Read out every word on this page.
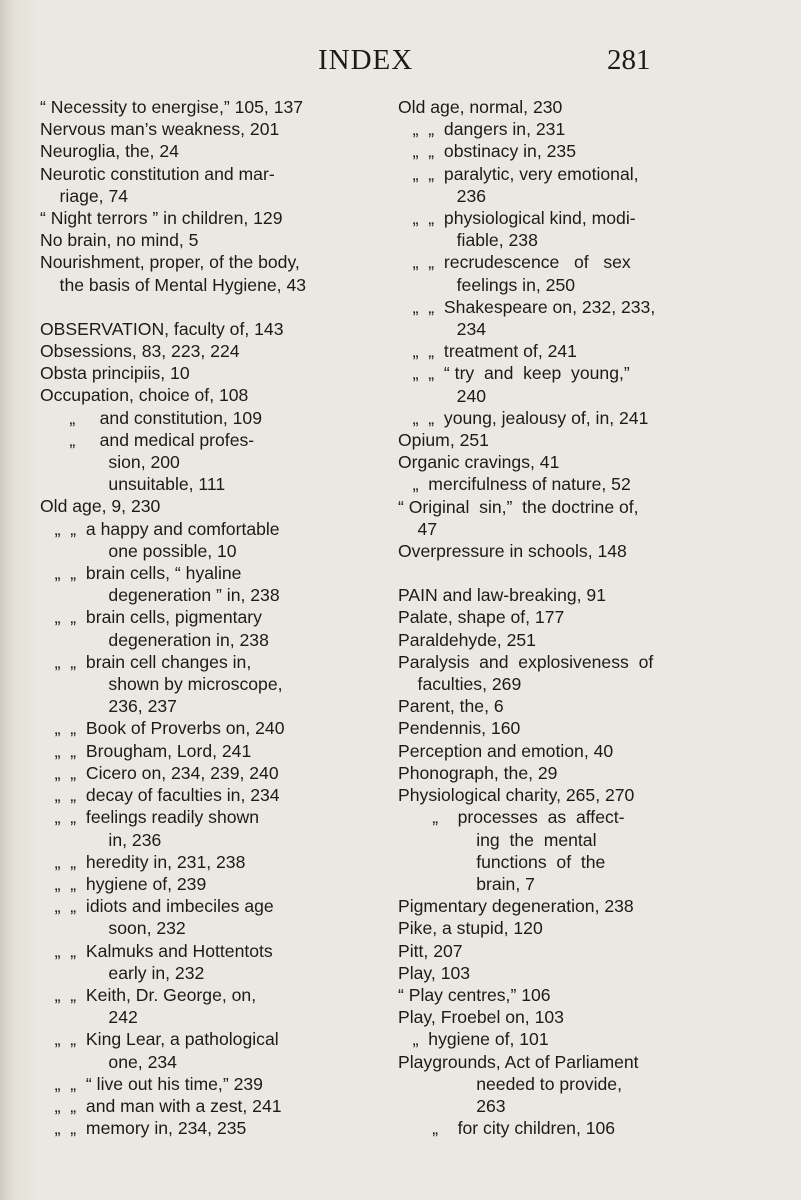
INDEX	281
“ Necessity to energise,” 105, 137
Nervous man’s weakness, 201
Neuroglia, the, 24
Neurotic constitution and mar-
riage, 74
“ Night terrors ” in children, 129
No brain, no mind, 5
Nourishment, proper, of the body,
the basis of Mental Hygiene, 43
OBSERVATION, faculty of, 143
Obsessions, 83, 223, 224
Obsta principiis, 10
Occupation, choice of, 108
„     and constitution, 109
„     and medical profes-
sion, 200
unsuitable, 111
Old age, 9, 230
„  „  a happy and comfortable
one possible, 10
„  „  brain cells, “ hyaline
degeneration ” in, 238
„  „  brain cells, pigmentary
degeneration in, 238
„  „  brain cell changes in,
shown by microscope,
236, 237
„  „  Book of Proverbs on, 240
„  „  Brougham, Lord, 241
„  „  Cicero on, 234, 239, 240
„  „  decay of faculties in, 234
„  „  feelings readily shown
in, 236
„  „  heredity in, 231, 238
„  „  hygiene of, 239
„  „  idiots and imbeciles age
soon, 232
„  „  Kalmuks and Hottentots
early in, 232
„  „  Keith, Dr. George, on,
242
„  „  King Lear, a pathological
one, 234
„  „  “ live out his time,” 239
„  „  and man with a zest, 241
„  „  memory in, 234, 235
Old age, normal, 230
„  „  dangers in, 231
„  „  obstinacy in, 235
„  „  paralytic, very emotional,
236
„  „  physiological kind, modi-
fiable, 238
„  „  recrudescence   of   sex
feelings in, 250
„  „  Shakespeare on, 232, 233,
234
„  „  treatment of, 241
„  „  “ try  and  keep  young,”
240
„  „  young, jealousy of, in, 241
Opium, 251
Organic cravings, 41
„  mercifulness of nature, 52
“ Original  sin,”  the doctrine of,
47
Overpressure in schools, 148
PAIN and law-breaking, 91
Palate, shape of, 177
Paraldehyde, 251
Paralysis  and  explosiveness  of
faculties, 269
Parent, the, 6
Pendennis, 160
Perception and emotion, 40
Phonograph, the, 29
Physiological charity, 265, 270
„    processes  as  affect-
ing  the  mental
functions  of  the
brain, 7
Pigmentary degeneration, 238
Pike, a stupid, 120
Pitt, 207
Play, 103
“ Play centres,” 106
Play, Froebel on, 103
„  hygiene of, 101
Playgrounds, Act of Parliament
needed to provide,
263
„    for city children, 106
